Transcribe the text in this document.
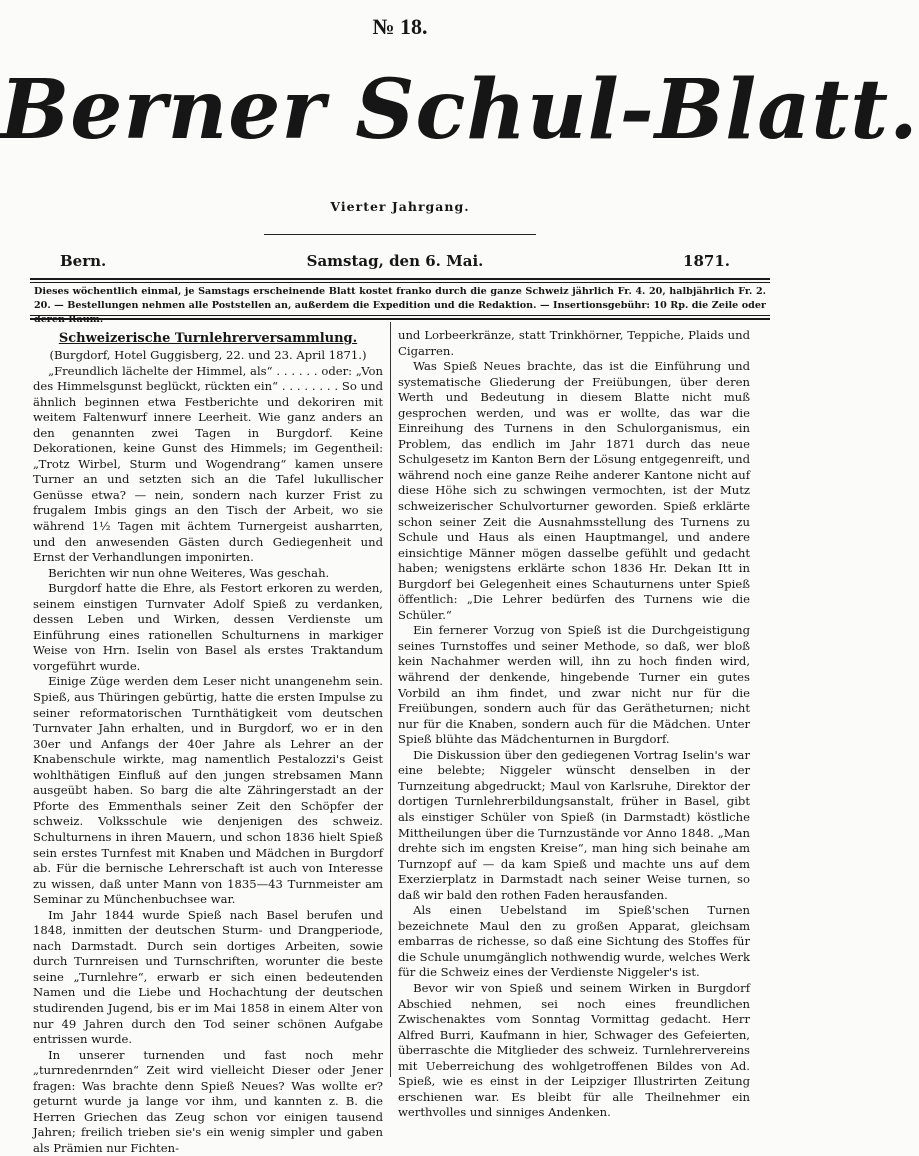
№ 18.
Berner Schul-Blatt.
Vierter Jahrgang.
Samstag, den 6. Mai.
Bern.	1871.
Dieses wöchentlich einmal, je Samstags erscheinende Blatt kostet franko durch die ganze Schweiz jährlich Fr. 4. 20, halbjährlich Fr. 2. 20. — Bestellungen nehmen alle Poststellen an, außerdem die Expedition und die Redaktion. — Insertionsgebühr: 10 Rp. die Zeile oder
Schweizerische Turnlehrerversammlung.

(Burgdorf, Hotel Guggisberg, 22. und 23. April 1871.)

„Freundlich lächelte der Himmel, als“ . . . . . . oder: „Von des Himmelsgunst beglückt, rückten ein“ . . . . . . . . So und ähnlich beginnen etwa Festberichte und dekoriren mit weitem Faltenwurf innere Leerheit. Wie ganz anders an den genannten zwei Tagen in Burgdorf. Keine Dekorationen, keine Gunst des Himmels; im Gegentheil: „Trotz Wirbel, Sturm und Wogendrang“ kamen unsere Turner an und setzten sich an die Tafel lukullischer Genüsse etwa? — nein, sondern nach kurzer Frist zu frugalem Imbis gings an den Tisch der Arbeit, wo sie während 1½ Tagen mit ächtem Turnergeist ausharrten, und den anwesenden Gästen durch Gediegenheit und Ernst der Verhandlungen imponirten.

Berichten wir nun ohne Weiteres, Was geschah.

Burgdorf hatte die Ehre, als Festort erkoren zu werden, seinem einstigen Turnvater Adolf Spieß zu verdanken, dessen Leben und Wirken, dessen Verdienste um Einführung eines rationellen Schulturnens in markiger Weise von Hrn. Iselin von Basel als erstes Traktandum vorgeführt wurde.

Einige Züge werden dem Leser nicht unangenehm sein. Spieß, aus Thüringen gebürtig, hatte die ersten Impulse zu seiner reformatorischen Turnthätigkeit vom deutschen Turnvater Jahn erhalten, und in Burgdorf, wo er in den 30er und Anfangs der 40er Jahre als Lehrer an der Knabenschule wirkte, mag namentlich Pestalozzi's Geist wohlthätigen Einfluß auf den jungen strebsamen Mann ausgeübt haben. So barg die alte Zähringerstadt an der Pforte des Emmenthals seiner Zeit den Schöpfer der schweiz. Volksschule wie denjenigen des schweiz. Schulturnens in ihren Mauern, und schon 1836 hielt Spieß sein erstes Turnfest mit Knaben und Mädchen in Burgdorf ab. Für die bernische Lehrerschaft ist auch von Interesse zu wissen, daß unter Mann von 1835—43 Turnmeister am Seminar zu Münchenbuchsee war.

Im Jahr 1844 wurde Spieß nach Basel berufen und 1848, inmitten der deutschen Sturm- und Drangperiode, nach Darmstadt. Durch sein dortiges Arbeiten, sowie durch Turnreisen und Turnschriften, worunter die beste seine „Turnlehre“, erwarb er sich einen bedeutenden Namen und die Liebe und Hochachtung der deutschen studirenden Jugend, bis er im Mai 1858 in einem Alter von nur 49 Jahren durch den Tod seiner schönen Aufgabe entrissen wurde.

In unserer turnenden und fast noch mehr „turnredenrnden“ Zeit wird vielleicht Dieser oder Jener fragen: Was brachte denn Spieß Neues? Was wollte er? geturnt wurde ja lange vor ihm, und kannten z. B. die Herren Griechen das Zeug schon vor einigen tausend Jahren; freilich trieben sie's ein wenig simpler und gaben als Prämien nur Fichten-

und Lorbeerkränze, statt Trinkhörner, Teppiche, Plaids und Cigarren.

Was Spieß Neues brachte, das ist die Einführung und systematische Gliederung der Freiübungen, über deren Werth und Bedeutung in diesem Blatte nicht muß gesprochen werden, und was er wollte, das war die Einreihung des Turnens in den Schulorganismus, ein Problem, das endlich im Jahr 1871 durch das neue Schulgesetz im Kanton Bern der Lösung entgegenreift, und während noch eine ganze Reihe anderer Kantone nicht auf diese Höhe sich zu schwingen vermochten, ist der Mutz schweizerischer Schulvorturner geworden. Spieß erklärte schon seiner Zeit die Ausnahmsstellung des Turnens zu Schule und Haus als einen Hauptmangel, und andere einsichtige Männer mögen dasselbe gefühlt und gedacht haben; wenigstens erklärte schon 1836 Hr. Dekan Itt in Burgdorf bei Gelegenheit eines Schauturnens unter Spieß öffentlich: „Die Lehrer bedürfen des Turnens wie die Schüler.“

Ein fernerer Vorzug von Spieß ist die Durchgeistigung seines Turnstoffes und seiner Methode, so daß, wer bloß kein Nachahmer werden will, ihn zu hoch finden wird, während der denkende, hingebende Turner ein gutes Vorbild an ihm findet, und zwar nicht nur für die Freiübungen, sondern auch für das Gerätheturnen; nicht nur für die Knaben, sondern auch für die Mädchen. Unter Spieß blühte das Mädchenturnen in Burgdorf.

Die Diskussion über den gediegenen Vortrag Iselin's war eine belebte; Niggeler wünscht denselben in der Turnzeitung abgedruckt; Maul von Karlsruhe, Direktor der dortigen Turnlehrerbildungsanstalt, früher in Basel, gibt als einstiger Schüler von Spieß (in Darmstadt) köstliche Mittheilungen über die Turnzustände vor Anno 1848. „Man drehte sich im engsten Kreise“, man hing sich beinahe am Turnzopf auf — da kam Spieß und machte uns auf dem Exerzierplatz in Darmstadt nach seiner Weise turnen, so daß wir bald den rothen Faden herausfanden.

Als einen Uebelstand im Spieß'schen Turnen bezeichnete Maul den zu großen Apparat, gleichsam embarras de richesse, so daß eine Sichtung des Stoffes für die Schule unumgänglich nothwendig wurde, welches Werk für die Schweiz eines der Verdienste Niggeler's ist.

Bevor wir von Spieß und seinem Wirken in Burgdorf Abschied nehmen, sei noch eines freundlichen Zwischenaktes vom Sonntag Vormittag gedacht. Herr Alfred Burri, Kaufmann in hier, Schwager des Gefeierten, überraschte die Mitglieder des schweiz. Turnlehrervereins mit Ueberreichung des wohlgetroffenen Bildes von Ad. Spieß, wie es einst in der Leipziger Illustrirten Zeitung erschienen war. Es bleibt für alle Theilnehmer ein werthvolles und sinniges Andenken.
